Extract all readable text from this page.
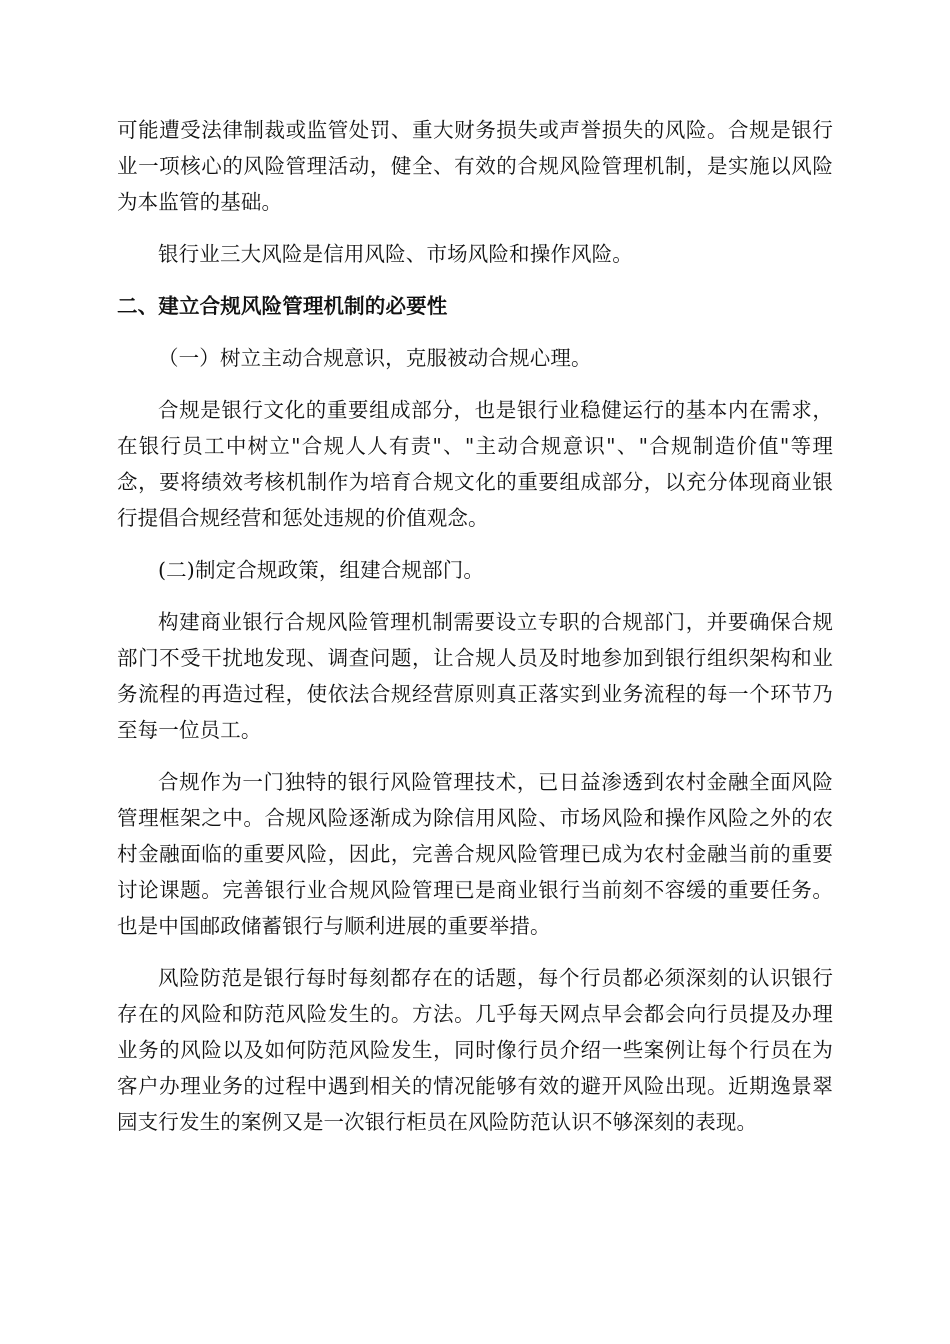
可能遭受法律制裁或监管处罚、重大财务损失或声誉损失的风险。合规是银行业一项核心的风险管理活动，健全、有效的合规风险管理机制，是实施以风险为本监管的基础。

银行业三大风险是信用风险、市场风险和操作风险。

二、建立合规风险管理机制的必要性

（一）树立主动合规意识，克服被动合规心理。

合规是银行文化的重要组成部分，也是银行业稳健运行的基本内在需求，在银行员工中树立"合规人人有责"、"主动合规意识"、"合规制造价值"等理念，要将绩效考核机制作为培育合规文化的重要组成部分，以充分体现商业银行提倡合规经营和惩处违规的价值观念。

(二)制定合规政策，组建合规部门。

构建商业银行合规风险管理机制需要设立专职的合规部门，并要确保合规部门不受干扰地发现、调查问题，让合规人员及时地参加到银行组织架构和业务流程的再造过程，使依法合规经营原则真正落实到业务流程的每一个环节乃至每一位员工。

合规作为一门独特的银行风险管理技术，已日益渗透到农村金融全面风险管理框架之中。合规风险逐渐成为除信用风险、市场风险和操作风险之外的农村金融面临的重要风险，因此，完善合规风险管理已成为农村金融当前的重要讨论课题。完善银行业合规风险管理已是商业银行当前刻不容缓的重要任务。也是中国邮政储蓄银行与顺利进展的重要举措。

风险防范是银行每时每刻都存在的话题，每个行员都必须深刻的认识银行存在的风险和防范风险发生的。方法。几乎每天网点早会都会向行员提及办理业务的风险以及如何防范风险发生，同时像行员介绍一些案例让每个行员在为客户办理业务的过程中遇到相关的情况能够有效的避开风险出现。近期逸景翠园支行发生的案例又是一次银行柜员在风险防范认识不够深刻的表现。
